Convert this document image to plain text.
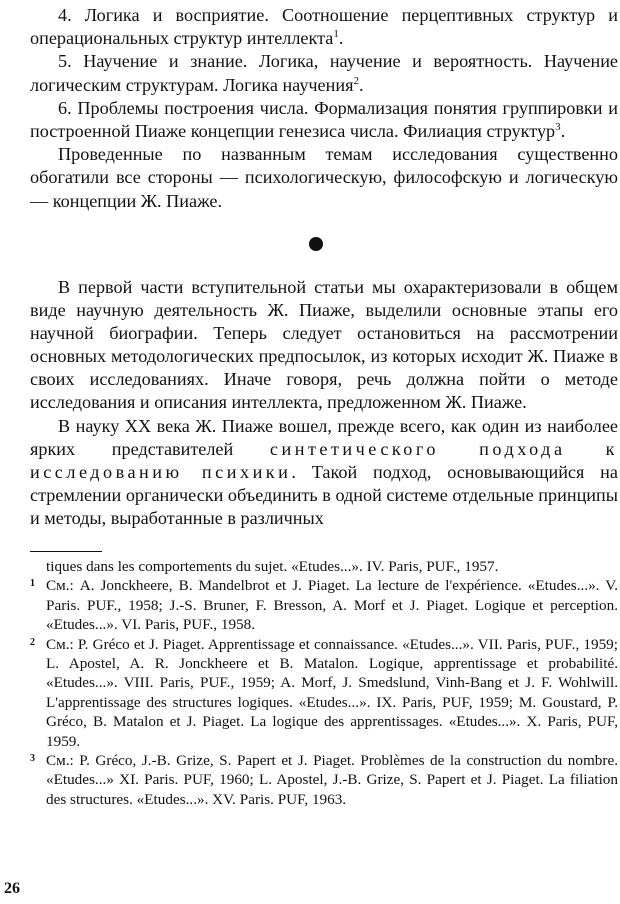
4. Логика и восприятие. Соотношение перцептивных структур и операциональных структур интеллекта$^1$.

5. Научение и знание. Логика, научение и вероятность. Научение логическим структурам. Логика научения$^2$.

6. Проблемы построения числа. Формализация понятия группировки и построенной Пиаже концепции генезиса числа. Филиация структур$^3$.

Проведенные по названным темам исследования существенно обогатили все стороны — психологическую, философскую и логическую — концепции Ж. Пиаже.

В первой части вступительной статьи мы охарактеризовали в общем виде научную деятельность Ж. Пиаже, выделили основные этапы его научной биографии. Теперь следует остановиться на рассмотрении основных методологических предпосылок, из которых исходит Ж. Пиаже в своих исследованиях. Иначе говоря, речь должна пойти о методе исследования и описания интеллекта, предложенном Ж. Пиаже.

В науку XX века Ж. Пиаже вошел, прежде всего, как один из наиболее ярких представителей синтетического подхода к исследованию психики. Такой подход, основывающийся на стремлении органически объединить в одной системе отдельные принципы и методы, выработанные в различных

tiques dans les comportements du sujet. «Etudes...». IV. Paris, PUF., 1957.

1 См.: A. Jonckheere, B. Mandelbrot et J. Piaget. La lecture de l'expérience. «Etudes...». V. Paris. PUF., 1958; J.-S. Bruner, F. Bresson, A. Morf et J. Piaget. Logique et perception. «Etudes...». VI. Paris, PUF., 1958.

2 См.: P. Gréco et J. Piaget. Apprentissage et connaissance. «Etudes...». VII. Paris, PUF., 1959; L. Apostel, A. R. Jonckheere et B. Matalon. Logique, apprentissage et probabilité. «Etudes...». VIII. Paris, PUF., 1959; A. Morf, J. Smedslund, Vinh-Bang et J. F. Wohlwill. L'apprentissage des structures logiques. «Etudes...». IX. Paris, PUF, 1959; M. Goustard, P. Gréco, B. Matalon et J. Piaget. La logique des apprentissages. «Etudes...». X. Paris, PUF, 1959.

3 См.: P. Gréco, J.-B. Grize, S. Papert et J. Piaget. Problèmes de la construction du nombre. «Etudes...» XI. Paris. PUF, 1960; L. Apostel, J.-B. Grize, S. Papert et J. Piaget. La filiation des structures. «Etudes...». XV. Paris. PUF, 1963.

26
